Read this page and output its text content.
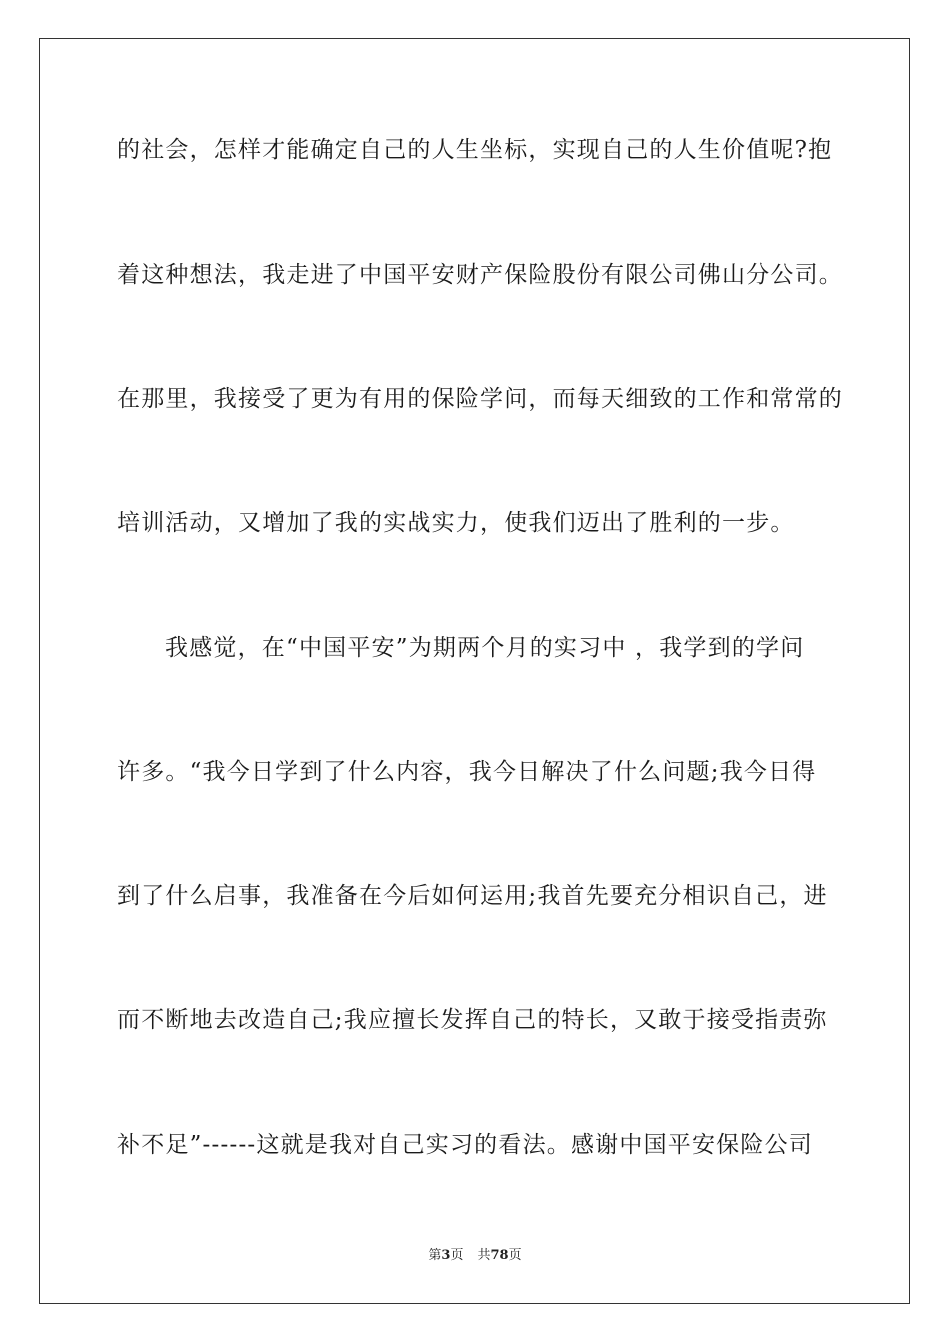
的社会，怎样才能确定自己的人生坐标，实现自己的人生价值呢?抱
着这种想法，我走进了中国平安财产保险股份有限公司佛山分公司。
在那里，我接受了更为有用的保险学问，而每天细致的工作和常常的
培训活动，又增加了我的实战实力，使我们迈出了胜利的一步。
我感觉，在“中国平安”为期两个月的实习中 ，我学到的学问
许多。“我今日学到了什么内容，我今日解决了什么问题;我今日得
到了什么启事，我准备在今后如何运用;我首先要充分相识自己，进
而不断地去改造自己;我应擅长发挥自己的特长，又敢于接受指责弥
补不足”------这就是我对自己实习的看法。感谢中国平安保险公司
第3页 共78页
